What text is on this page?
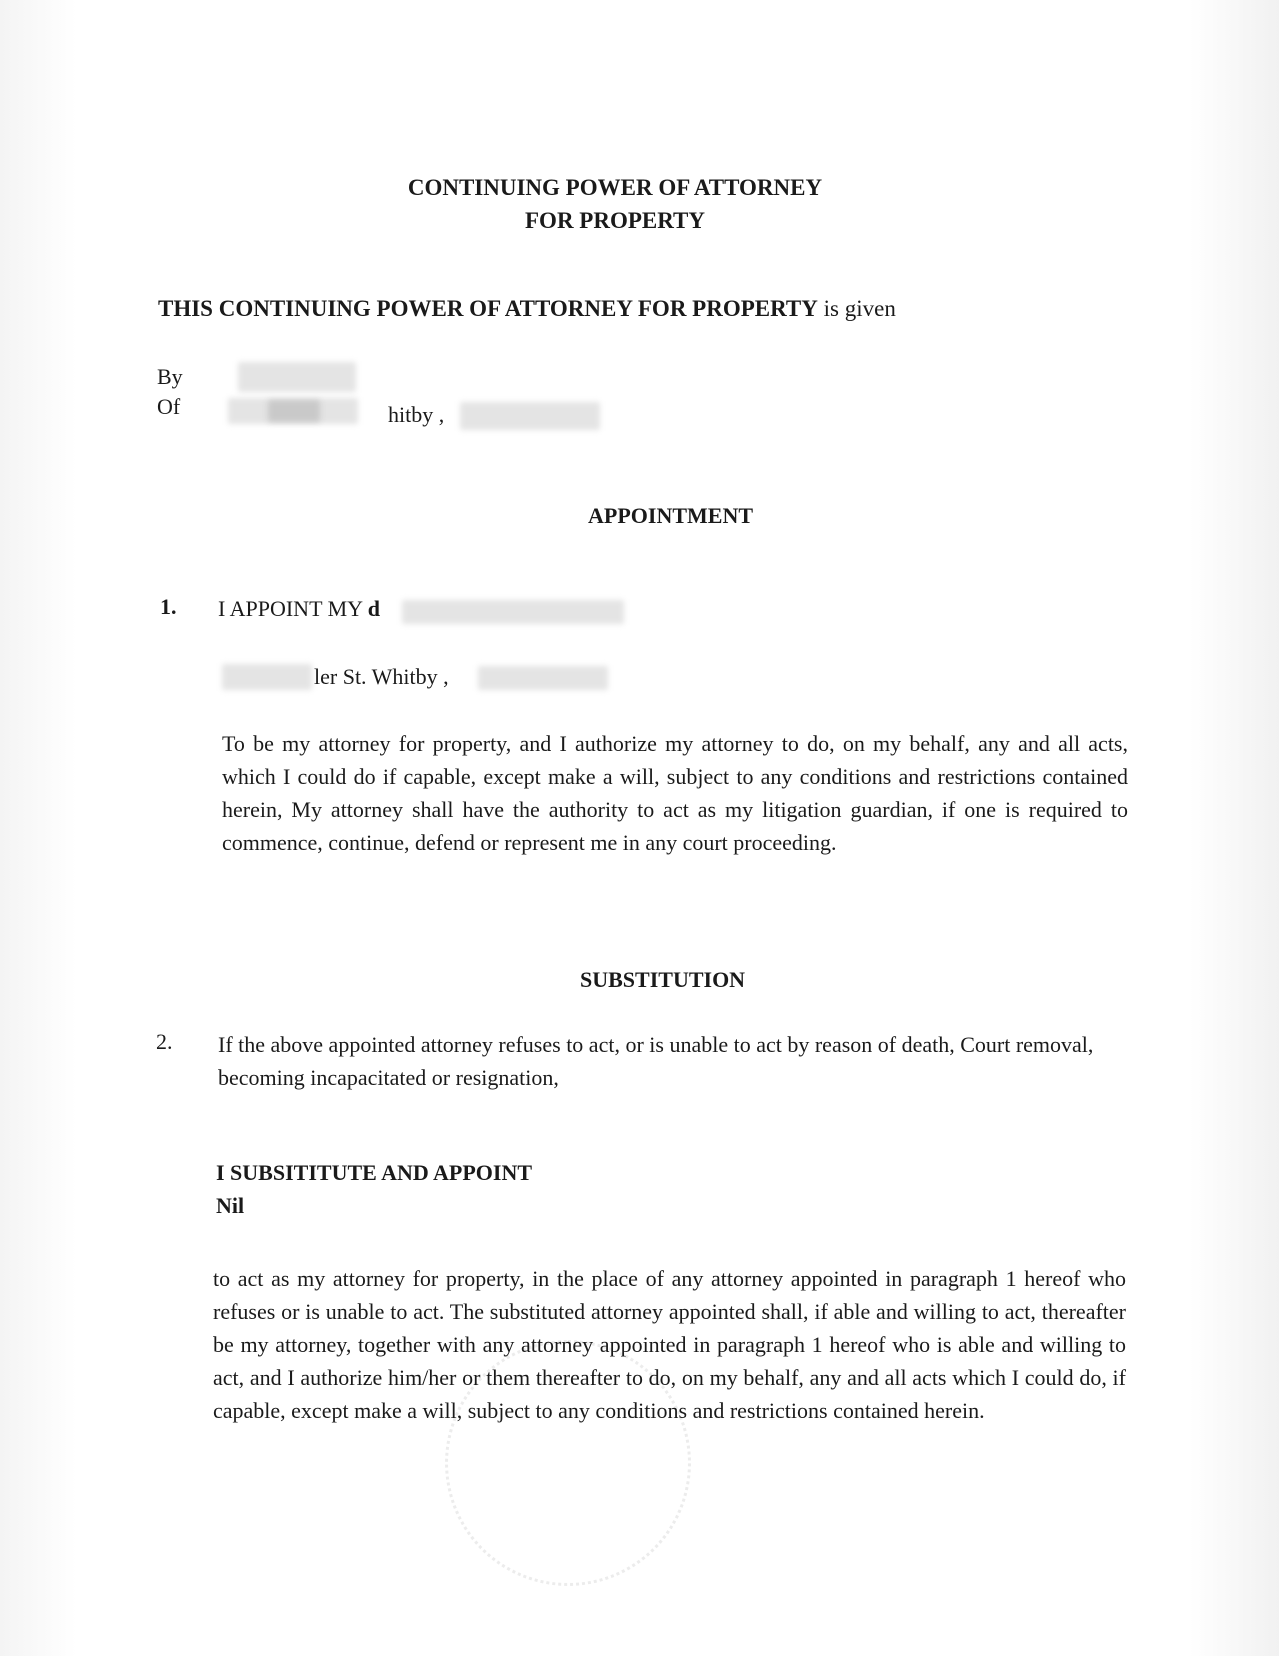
CONTINUING POWER OF ATTORNEY
FOR PROPERTY
THIS CONTINUING POWER OF ATTORNEY FOR PROPERTY is given
By
Of	hitby ,
APPOINTMENT
1. I APPOINT MY d
ler St. Whitby ,
To be my attorney for property, and I authorize my attorney to do, on my behalf, any and all acts, which I could do if capable, except make a will, subject to any conditions and restrictions contained herein, My attorney shall have the authority to act as my litigation guardian, if one is required to commence, continue, defend or represent me in any court proceeding.
SUBSTITUTION
2. If the above appointed attorney refuses to act, or is unable to act by reason of death, Court removal, becoming incapacitated or resignation,
I SUBSITITUTE AND APPOINT
Nil
to act as my attorney for property, in the place of any attorney appointed in paragraph 1 hereof who refuses or is unable to act. The substituted attorney appointed shall, if able and willing to act, thereafter be my attorney, together with any attorney appointed in paragraph 1 hereof who is able and willing to act, and I authorize him/her or them thereafter to do, on my behalf, any and all acts which I could do, if capable, except make a will, subject to any conditions and restrictions contained herein.
